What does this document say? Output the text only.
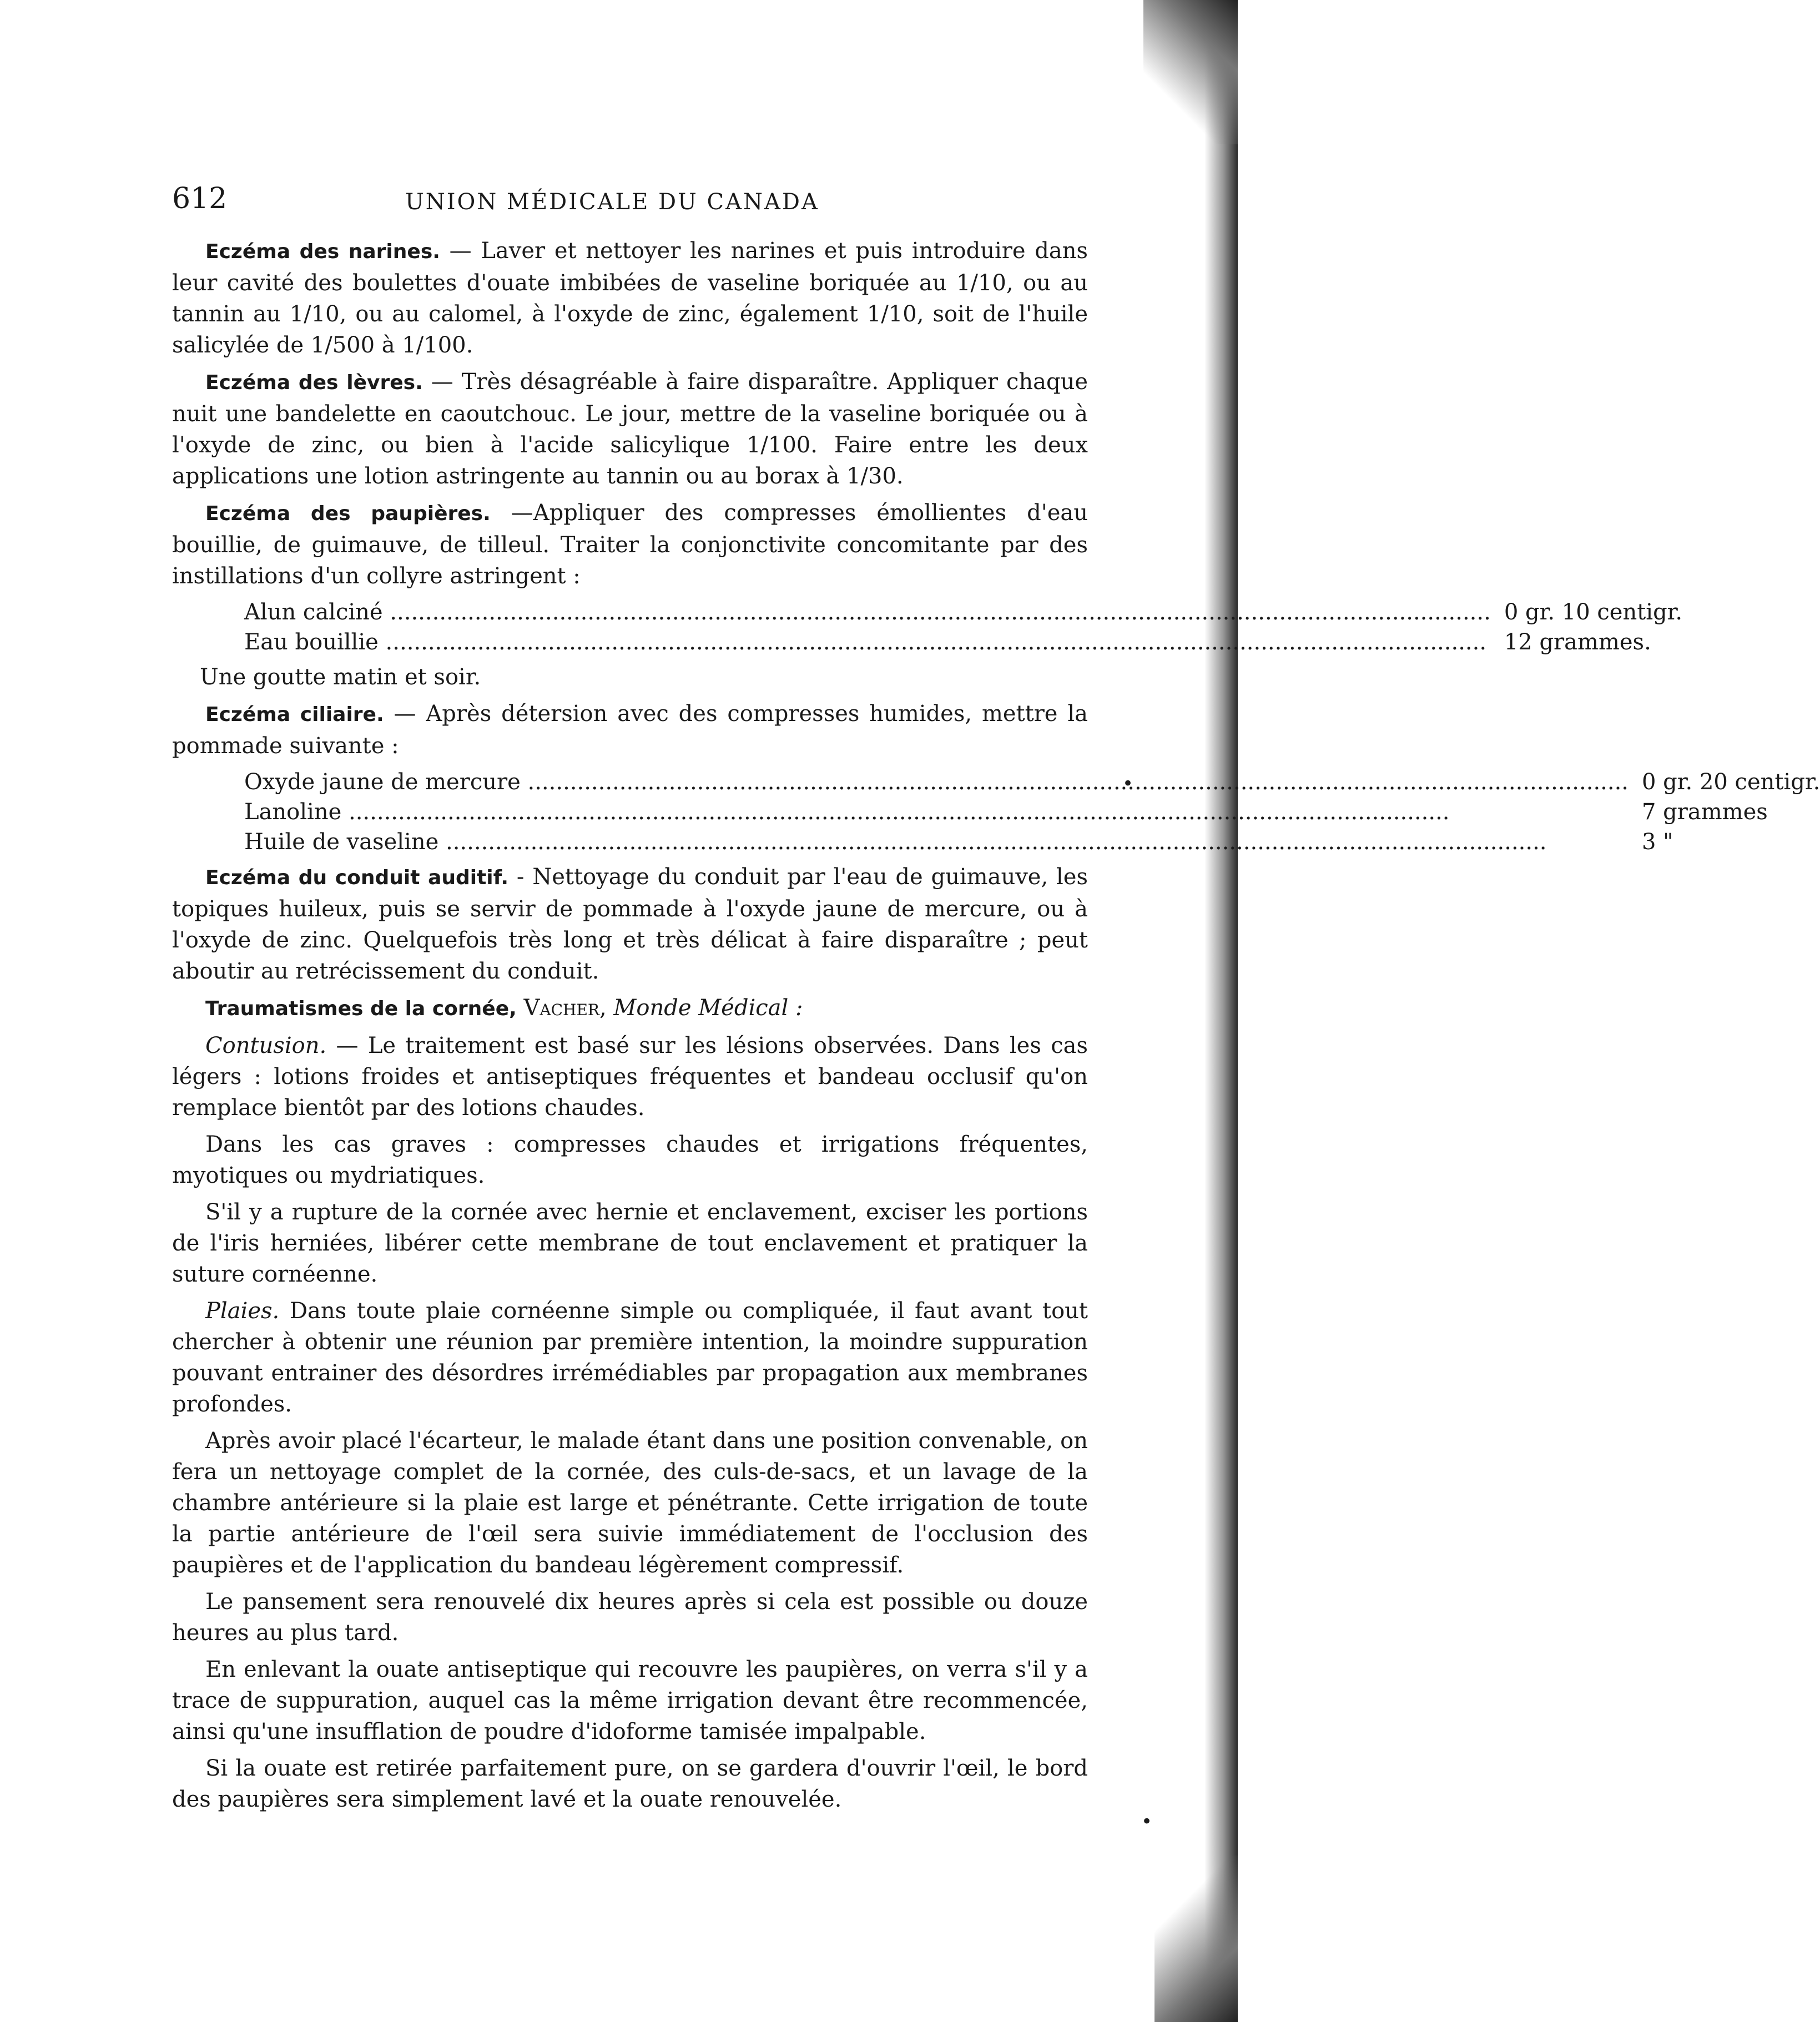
•
•
612	UNION MÉDICALE DU CANADA

Eczéma des narines. — Laver et nettoyer les narines et puis introduire dans leur cavité des boulettes d'ouate imbibées de vaseline boriquée au 1/10, ou au tannin au 1/10, ou au calomel, à l'oxyde de zinc, également 1/10, soit de l'huile salicylée de 1/500 à 1/100.

Eczéma des lèvres. — Très désagréable à faire disparaître. Appliquer chaque nuit une bandelette en caoutchouc. Le jour, mettre de la vaseline boriquée ou à l'oxyde de zinc, ou bien à l'acide salicylique 1/100. Faire entre les deux applications une lotion astringente au tannin ou au borax à 1/30.

Eczéma des paupières. —Appliquer des compresses émollientes d'eau bouillie, de guimauve, de tilleul. Traiter la conjonctivite concomitante par des instillations d'un collyre astringent :

Alun calciné .....	0 gr. 10 centigr.
Eau bouillie .....	12 grammes.

Une goutte matin et soir.

Eczéma ciliaire. — Après détersion avec des compresses humides, mettre la pommade suivante :

Oxyde jaune de mercure .....	0 gr. 20 centigr.
Lanoline .....	7 grammes
Huile de vaseline .....	3 "

Eczéma du conduit auditif. - Nettoyage du conduit par l'eau de guimauve, les topiques huileux, puis se servir de pommade à l'oxyde jaune de mercure, ou à l'oxyde de zinc. Quelquefois très long et très délicat à faire disparaître ; peut aboutir au retrécissement du conduit.

Traumatismes de la cornée, Vacher, Monde Médical :

Contusion. — Le traitement est basé sur les lésions observées. Dans les cas légers : lotions froides et antiseptiques fréquentes et bandeau occlusif qu'on remplace bientôt par des lotions chaudes.

Dans les cas graves : compresses chaudes et irrigations fréquentes, myotiques ou mydriatiques.

S'il y a rupture de la cornée avec hernie et enclavement, exciser les portions de l'iris herniées, libérer cette membrane de tout enclavement et pratiquer la suture cornéenne.

Plaies. Dans toute plaie cornéenne simple ou compliquée, il faut avant tout chercher à obtenir une réunion par première intention, la moindre suppuration pouvant entrainer des désordres irrémédiables par propagation aux membranes profondes.

Après avoir placé l'écarteur, le malade étant dans une position convenable, on fera un nettoyage complet de la cornée, des culs-de-sacs, et un lavage de la chambre antérieure si la plaie est large et pénétrante. Cette irrigation de toute la partie antérieure de l'œil sera suivie immédiatement de l'occlusion des paupières et de l'application du bandeau légèrement compressif.

Le pansement sera renouvelé dix heures après si cela est possible ou douze heures au plus tard.

En enlevant la ouate antiseptique qui recouvre les paupières, on verra s'il y a trace de suppuration, auquel cas la même irrigation devant être recommencée, ainsi qu'une insufflation de poudre d'idoforme tamisée impalpable.

Si la ouate est retirée parfaitement pure, on se gardera d'ouvrir l'œil, le bord des paupières sera simplement lavé et la ouate renouvelée.
